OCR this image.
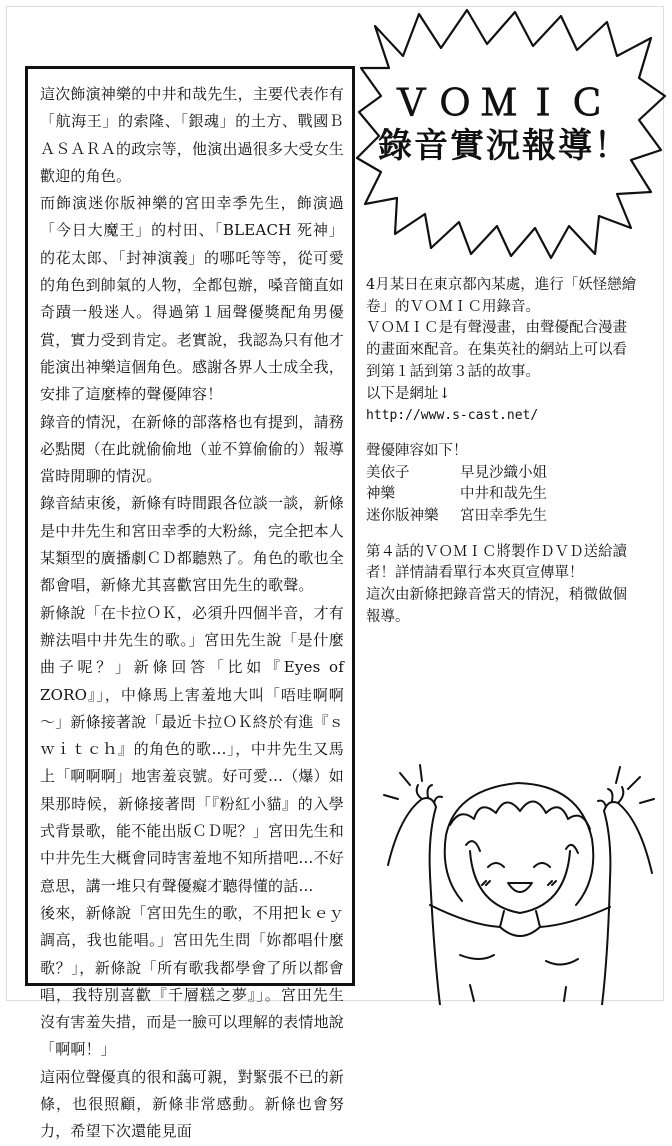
這次飾演神樂的中井和哉先生，主要代表作有「航海王」的索隆、「銀魂」的土方、戰國ＢＡＳＡＲＡ的政宗等，他演出過很多大受女生歡迎的角色。

而飾演迷你版神樂的宮田幸季先生，飾演過「今日大魔王」的村田、「BLEACH 死神」的花太郎、「封神演義」的哪吒等等，從可愛的角色到帥氣的人物，全都包辦，嗓音簡直如奇蹟一般迷人。得過第１屆聲優獎配角男優賞，實力受到肯定。老實說，我認為只有他才能演出神樂這個角色。感謝各界人士成全我，安排了這麼棒的聲優陣容！

錄音的情況，在新條的部落格也有提到，請務必點閱（在此就偷偷地（並不算偷偷的）報導當時閒聊的情況。

錄音結束後，新條有時間跟各位談一談，新條是中井先生和宮田幸季的大粉絲，完全把本人某類型的廣播劇ＣＤ都聽熟了。角色的歌也全都會唱，新條尤其喜歡宮田先生的歌聲。

新條說「在卡拉ＯＫ，必須升四個半音，才有辦法唱中井先生的歌。」宮田先生說「是什麼曲子呢？」新條回答「比如『Eyes of ZORO』」，中條馬上害羞地大叫「唔哇啊啊～」新條接著說「最近卡拉ＯＫ終於有進『ｓｗｉｔｃｈ』的角色的歌…」，中井先生又馬上「啊啊啊」地害羞哀號。好可愛…（爆）如果那時候，新條接著問「『粉紅小貓』的入學式背景歌，能不能出版ＣＤ呢？」宮田先生和中井先生大概會同時害羞地不知所措吧…不好意思，講一堆只有聲優癡才聽得懂的話…

後來，新條說「宮田先生的歌，不用把ｋｅｙ調高，我也能唱。」宮田先生問「妳都唱什麼歌？」，新條說「所有歌我都學會了所以都會唱，我特別喜歡『千層糕之夢』」。宮田先生沒有害羞失措，而是一臉可以理解的表情地說「啊啊！」

這兩位聲優真的很和藹可親，對緊張不已的新條，也很照顧，新條非常感動。新條也會努力，希望下次還能見面

ＶＯＭＩＣ
錄音實況報導！

4月某日在東京都內某處，進行「妖怪戀繪卷」的ＶＯＭＩＣ用錄音。

ＶＯＭＩＣ是有聲漫畫，由聲優配合漫畫的畫面來配音。在集英社的網站上可以看到第１話到第３話的故事。

以下是網址↓

http://www.s-cast.net/

聲優陣容如下！

美依子	早見沙織小姐
神樂	中井和哉先生
迷你版神樂	宮田幸季先生

第４話的ＶＯＭＩＣ將製作ＤＶＤ送給讀者！詳情請看單行本夾頁宣傳單！

這次由新條把錄音當天的情況，稍微做個報導。
